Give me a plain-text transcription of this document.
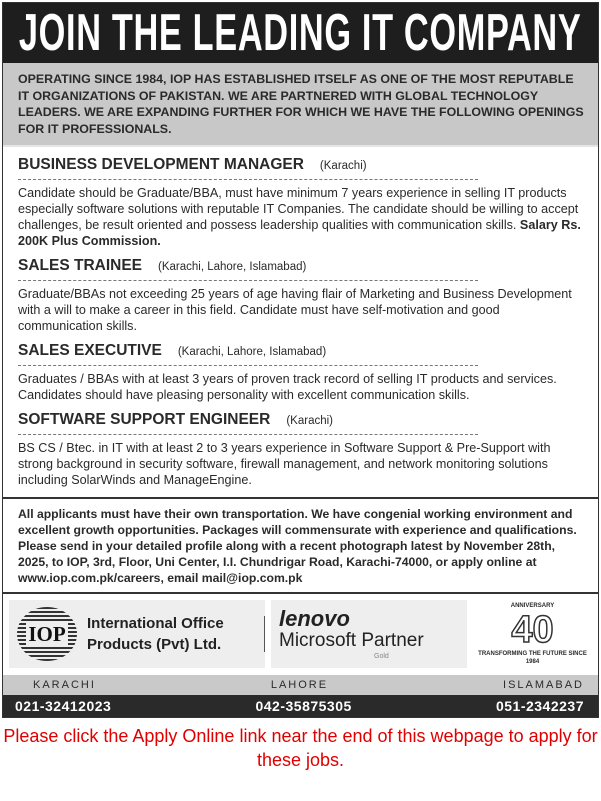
JOIN THE LEADING IT COMPANY
OPERATING SINCE 1984, IOP HAS ESTABLISHED ITSELF AS ONE OF THE MOST REPUTABLE IT ORGANIZATIONS OF PAKISTAN. WE ARE PARTNERED WITH GLOBAL TECHNOLOGY LEADERS. WE ARE EXPANDING FURTHER FOR WHICH WE HAVE THE FOLLOWING OPENINGS FOR IT PROFESSIONALS.
BUSINESS DEVELOPMENT MANAGER (Karachi)

Candidate should be Graduate/BBA, must have minimum 7 years experience in selling IT products especially software solutions with reputable IT Companies. The candidate should be willing to accept challenges, be result oriented and possess leadership qualities with communication skills. Salary Rs. 200K Plus Commission.

SALES TRAINEE (Karachi, Lahore, Islamabad)

Graduate/BBAs not exceeding 25 years of age having flair of Marketing and Business Development with a will to make a career in this field. Candidate must have self-motivation and good communication skills.

SALES EXECUTIVE (Karachi, Lahore, Islamabad)

Graduates / BBAs with at least 3 years of proven track record of selling IT products and services. Candidates should have pleasing personality with excellent communication skills.

SOFTWARE SUPPORT ENGINEER (Karachi)

BS CS / Btec. in IT with at least 2 to 3 years experience in Software Support & Pre-Support with strong background in security software, firewall management, and network monitoring solutions including SolarWinds and ManageEngine.

All applicants must have their own transportation. We have congenial working environment and excellent growth opportunities. Packages will commensurate with experience and qualifications. Please send in your detailed profile along with a recent photograph latest by November 28th, 2025, to IOP, 3rd, Floor, Uni Center, I.I. Chundrigar Road, Karachi-74000, or apply online at www.iop.com.pk/careers, email mail@iop.com.pk
IOP International Office
Products (Pvt) Ltd.
lenovo
Microsoft Partner
Gold
ANNIVERSARY
40
TRANSFORMING THE FUTURE SINCE 1984
KARACHI	LAHORE	ISLAMABAD
021-32412023	042-35875305	051-2342237
Please click the Apply Online link near the end of this webpage to apply for these jobs.
